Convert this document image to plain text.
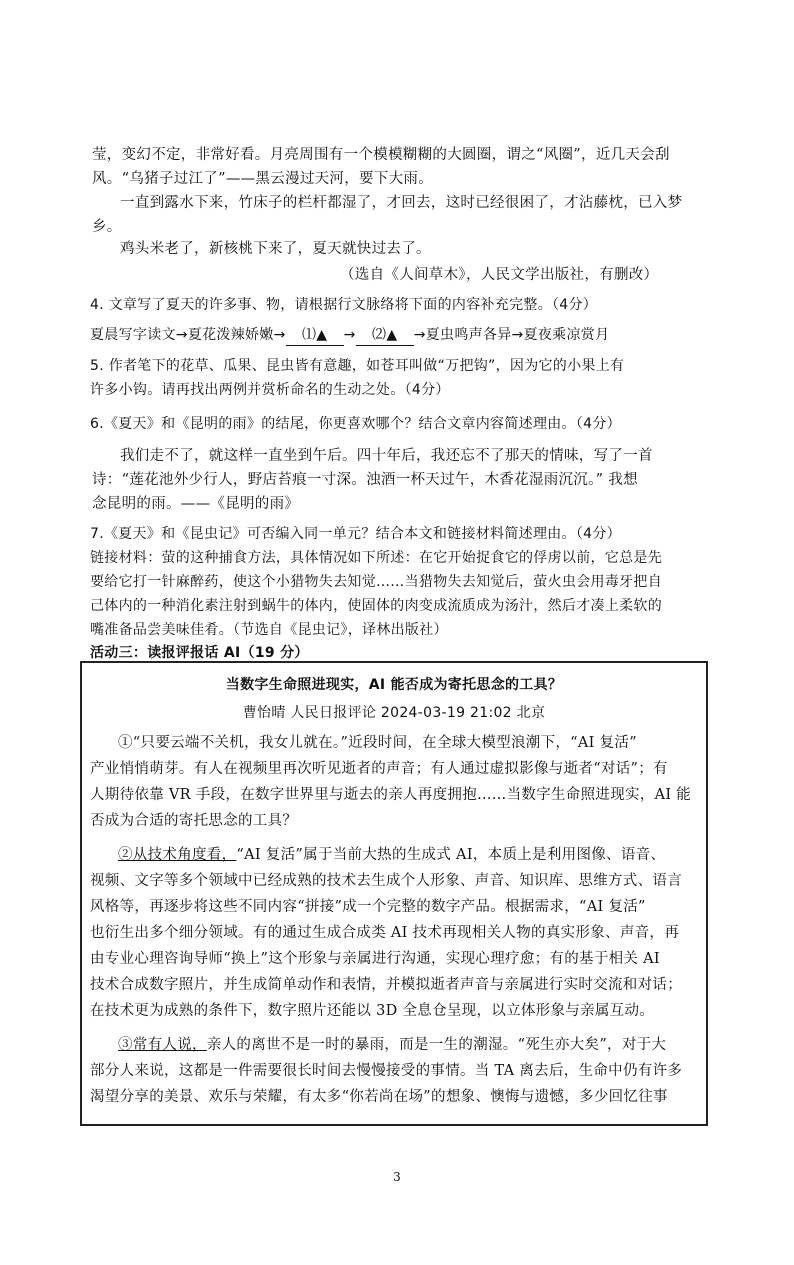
莹，变幻不定，非常好看。月亮周围有一个模模糊糊的大圆圈，谓之“风圈”，近几天会刮
风。“乌猪子过江了”——黑云漫过天河，要下大雨。
一直到露水下来，竹床子的栏杆都湿了，才回去，这时已经很困了，才沾藤枕，已入梦
乡。
鸡头米老了，新核桃下来了，夏天就快过去了。
（选自《人间草木》，人民文学出版社，有删改）
4. 文章写了夏天的许多事、物，请根据行文脉络将下面的内容补充完整。（4分）
夏晨写字读文→夏花泼辣娇嫩→ ⑴▲ → ⑵▲ →夏虫鸣声各异→夏夜乘凉赏月
5. 作者笔下的花草、瓜果、昆虫皆有意趣，如苍耳叫做“万把钩”，因为它的小果上有
许多小钩。请再找出两例并赏析命名的生动之处。（4分）
6.《夏天》和《昆明的雨》的结尾，你更喜欢哪个？结合文章内容简述理由。（4分）
我们走不了，就这样一直坐到午后。四十年后，我还忘不了那天的情味，写了一首
诗：“莲花池外少行人，野店苔痕一寸深。浊酒一杯天过午，木香花湿雨沉沉。” 我想
念昆明的雨。——《昆明的雨》
7.《夏天》和《昆虫记》可否编入同一单元？结合本文和链接材料简述理由。（4分）
链接材料：萤的这种捕食方法，具体情况如下所述：在它开始捉食它的俘虏以前，它总是先
要给它打一针麻醉药，使这个小猎物失去知觉……当猎物失去知觉后，萤火虫会用毒牙把自
己体内的一种消化素注射到蜗牛的体内，使固体的肉变成流质成为汤汁，然后才凑上柔软的
嘴准备品尝美味佳肴。（节选自《昆虫记》，译林出版社）
活动三：读报评报话 AI（19 分）
当数字生命照进现实，AI 能否成为寄托思念的工具？
曹怡晴 人民日报评论 2024-03-19 21:02 北京
①“只要云端不关机，我女儿就在。”近段时间，在全球大模型浪潮下，“AI 复活”
产业悄悄萌芽。有人在视频里再次听见逝者的声音；有人通过虚拟影像与逝者“对话”；有
人期待依靠 VR 手段，在数字世界里与逝去的亲人再度拥抱……当数字生命照进现实，AI 能
否成为合适的寄托思念的工具？
②从技术角度看，“AI 复活”属于当前大热的生成式 AI，本质上是利用图像、语音、
视频、文字等多个领域中已经成熟的技术去生成个人形象、声音、知识库、思维方式、语言
风格等，再逐步将这些不同内容“拼接”成一个完整的数字产品。根据需求，“AI 复活”
也衍生出多个细分领域。有的通过生成合成类 AI 技术再现相关人物的真实形象、声音，再
由专业心理咨询导师“换上”这个形象与亲属进行沟通，实现心理疗愈；有的基于相关 AI
技术合成数字照片，并生成简单动作和表情，并模拟逝者声音与亲属进行实时交流和对话；
在技术更为成熟的条件下，数字照片还能以 3D 全息仓呈现，以立体形象与亲属互动。
③常有人说，亲人的离世不是一时的暴雨，而是一生的潮湿。“死生亦大矣”，对于大
部分人来说，这都是一件需要很长时间去慢慢接受的事情。当 TA 离去后，生命中仍有许多
渴望分享的美景、欢乐与荣耀，有太多“你若尚在场”的想象、懊悔与遗憾，多少回忆往事
3
